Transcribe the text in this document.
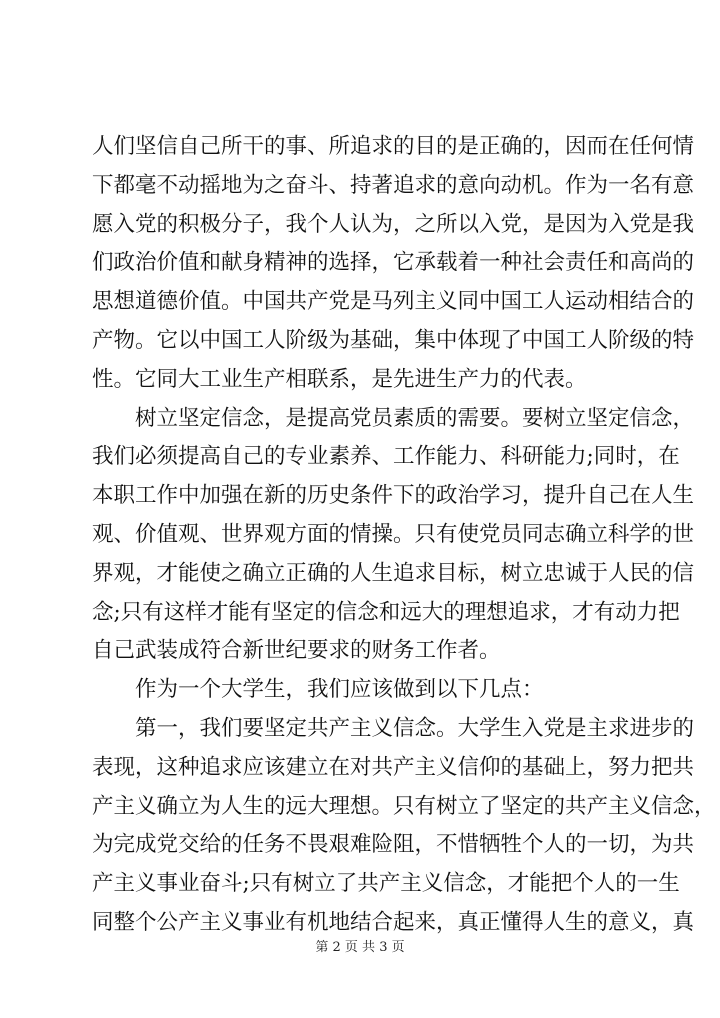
人们坚信自己所干的事、所追求的目的是正确的，因而在任何情
下都毫不动摇地为之奋斗、持著追求的意向动机。作为一名有意
愿入党的积极分子，我个人认为，之所以入党，是因为入党是我
们政治价值和献身精神的选择，它承载着一种社会责任和高尚的
思想道德价值。中国共产党是马列主义同中国工人运动相结合的
产物。它以中国工人阶级为基础，集中体现了中国工人阶级的特
性。它同大工业生产相联系，是先进生产力的代表。
树立坚定信念，是提高党员素质的需要。要树立坚定信念，
我们必须提高自己的专业素养、工作能力、科研能力;同时，在
本职工作中加强在新的历史条件下的政治学习，提升自己在人生
观、价值观、世界观方面的情操。只有使党员同志确立科学的世
界观，才能使之确立正确的人生追求目标，树立忠诚于人民的信
念;只有这样才能有坚定的信念和远大的理想追求，才有动力把
自己武装成符合新世纪要求的财务工作者。
作为一个大学生，我们应该做到以下几点：
第一，我们要坚定共产主义信念。大学生入党是主求进步的
表现，这种追求应该建立在对共产主义信仰的基础上，努力把共
产主义确立为人生的远大理想。只有树立了坚定的共产主义信念，
为完成党交给的任务不畏艰难险阻，不惜牺牲个人的一切，为共
产主义事业奋斗;只有树立了共产主义信念，才能把个人的一生
同整个公产主义事业有机地结合起来，真正懂得人生的意义，真
第 2 页 共 3 页
